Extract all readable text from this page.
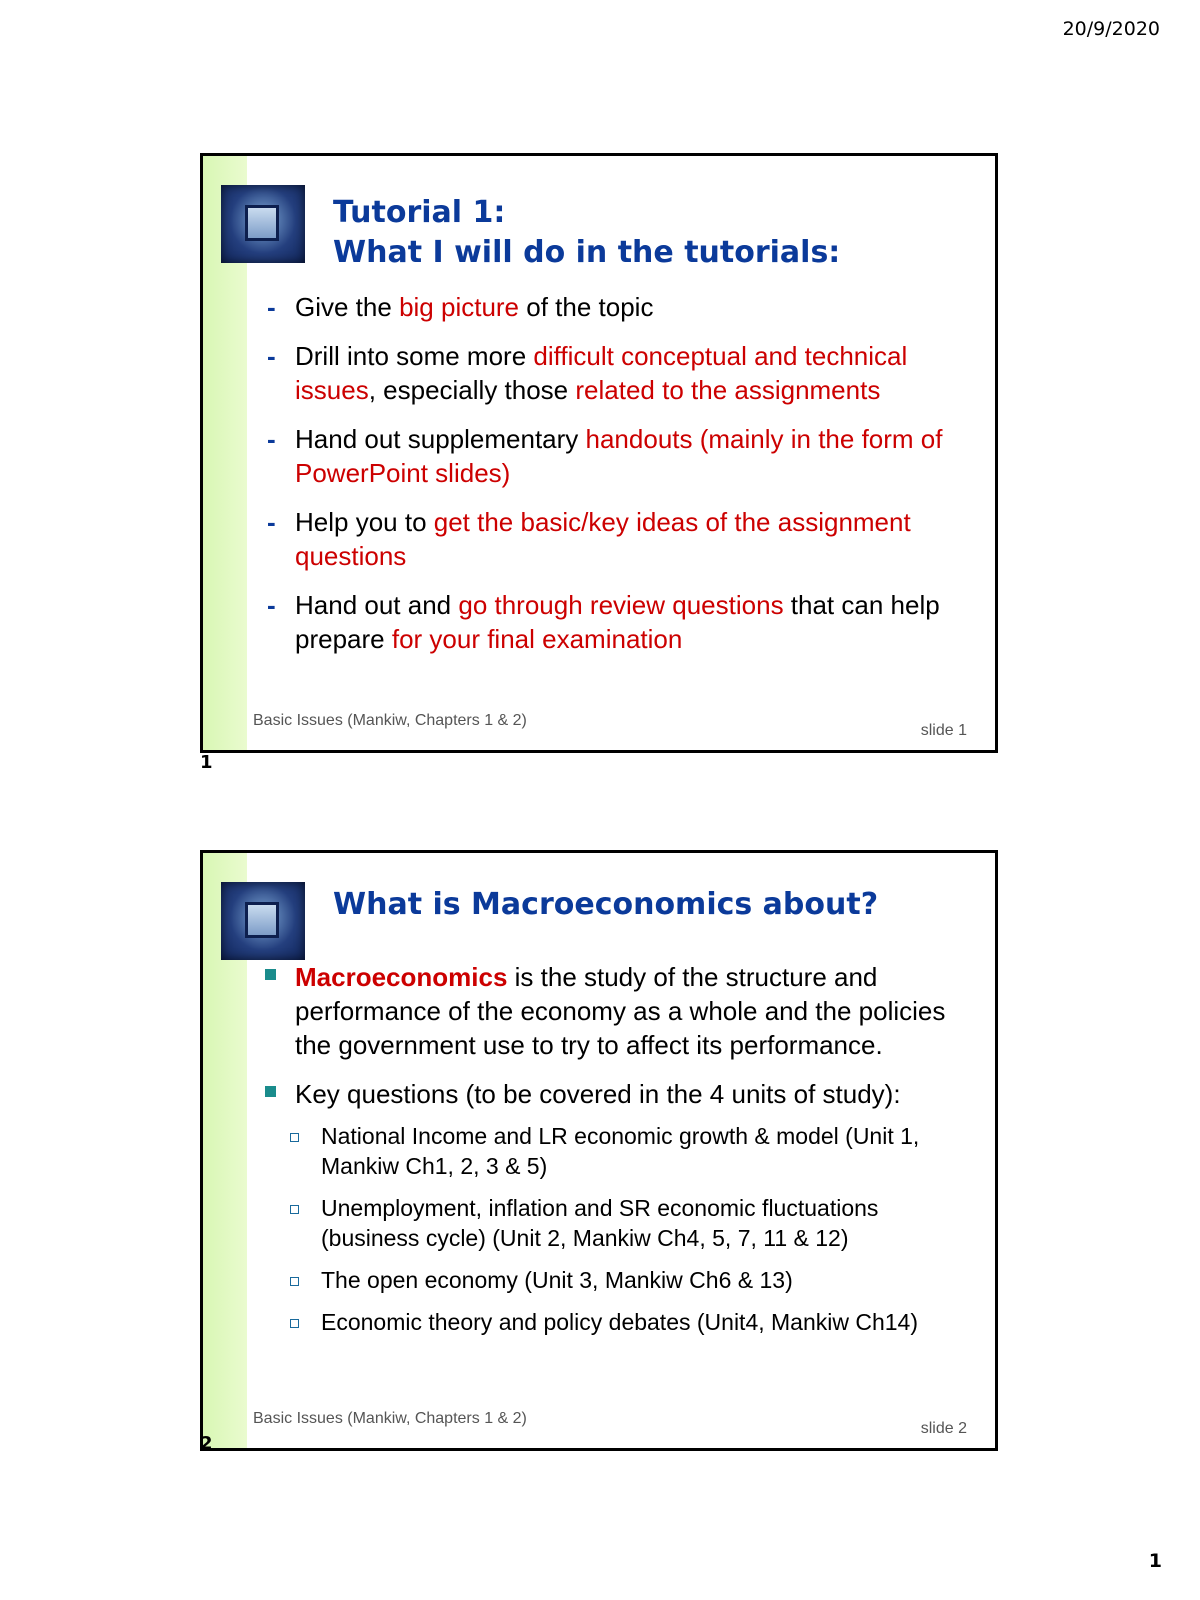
20/9/2020
Tutorial 1:
What I will do in the tutorials:
- Give the big picture of the topic
- Drill into some more difficult conceptual and technical issues, especially those related to the assignments
- Hand out supplementary handouts (mainly in the form of PowerPoint slides)
- Help you to get the basic/key ideas of the assignment questions
- Hand out and go through review questions that can help prepare for your final examination
Basic Issues (Mankiw, Chapters 1 & 2)
slide 1
1
What is Macroeconomics about?
Macroeconomics is the study of the structure and performance of the economy as a whole and the policies the government use to try to affect its performance.
Key questions (to be covered in the 4 units of study):
National Income and LR economic growth & model (Unit 1, Mankiw Ch1, 2, 3 & 5)
Unemployment, inflation and SR economic fluctuations (business cycle) (Unit 2, Mankiw Ch4, 5, 7, 11 & 12)
The open economy (Unit 3, Mankiw Ch6 & 13)
Economic theory and policy debates (Unit4, Mankiw Ch14)
Basic Issues (Mankiw, Chapters 1 & 2)
slide 2
2
1
